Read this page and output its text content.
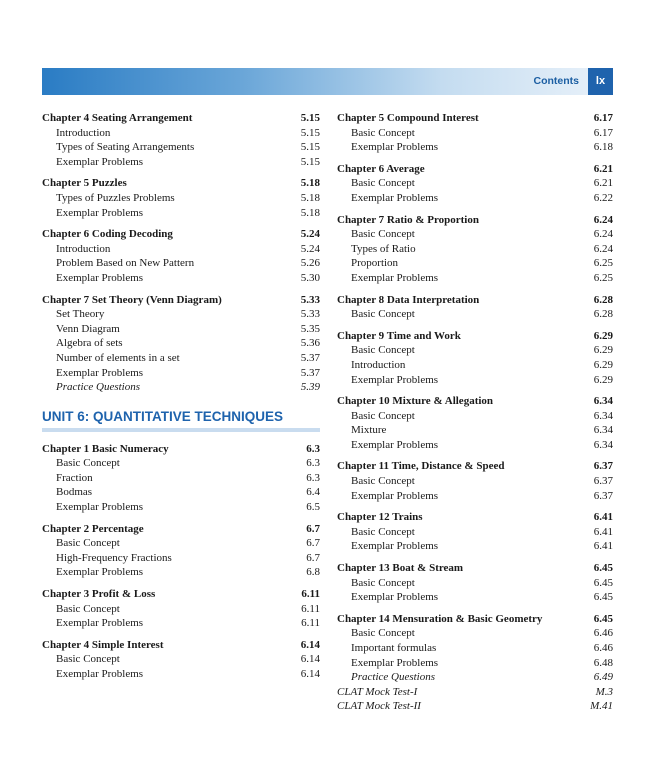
Contents	lx
Chapter 4 Seating Arrangement	5.15
Introduction	5.15
Types of Seating Arrangements	5.15
Exemplar Problems	5.15
Chapter 5 Puzzles	5.18
Types of Puzzles Problems	5.18
Exemplar Problems	5.18
Chapter 6 Coding Decoding	5.24
Introduction	5.24
Problem Based on New Pattern	5.26
Exemplar Problems	5.30
Chapter 7 Set Theory (Venn Diagram)	5.33
Set Theory	5.33
Venn Diagram	5.35
Algebra of sets	5.36
Number of elements in a set	5.37
Exemplar Problems	5.37
Practice Questions	5.39
UNIT 6: QUANTITATIVE TECHNIQUES
Chapter 1 Basic Numeracy	6.3
Basic Concept	6.3
Fraction	6.3
Bodmas	6.4
Exemplar Problems	6.5
Chapter 2 Percentage	6.7
Basic Concept	6.7
High-Frequency Fractions	6.7
Exemplar Problems	6.8
Chapter 3 Profit & Loss	6.11
Basic Concept	6.11
Exemplar Problems	6.11
Chapter 4 Simple Interest	6.14
Basic Concept	6.14
Exemplar Problems	6.14
Chapter 5 Compound Interest	6.17
Basic Concept	6.17
Exemplar Problems	6.18
Chapter 6 Average	6.21
Basic Concept	6.21
Exemplar Problems	6.22
Chapter 7 Ratio & Proportion	6.24
Basic Concept	6.24
Types of Ratio	6.24
Proportion	6.25
Exemplar Problems	6.25
Chapter 8 Data Interpretation	6.28
Basic Concept	6.28
Chapter 9 Time and Work	6.29
Basic Concept	6.29
Introduction	6.29
Exemplar Problems	6.29
Chapter 10 Mixture & Allegation	6.34
Basic Concept	6.34
Mixture	6.34
Exemplar Problems	6.34
Chapter 11 Time, Distance & Speed	6.37
Basic Concept	6.37
Exemplar Problems	6.37
Chapter 12 Trains	6.41
Basic Concept	6.41
Exemplar Problems	6.41
Chapter 13 Boat & Stream	6.45
Basic Concept	6.45
Exemplar Problems	6.45
Chapter 14 Mensuration & Basic Geometry	6.45
Basic Concept	6.46
Important formulas	6.46
Exemplar Problems	6.48
Practice Questions	6.49
CLAT Mock Test-I	M.3
CLAT Mock Test-II	M.41
